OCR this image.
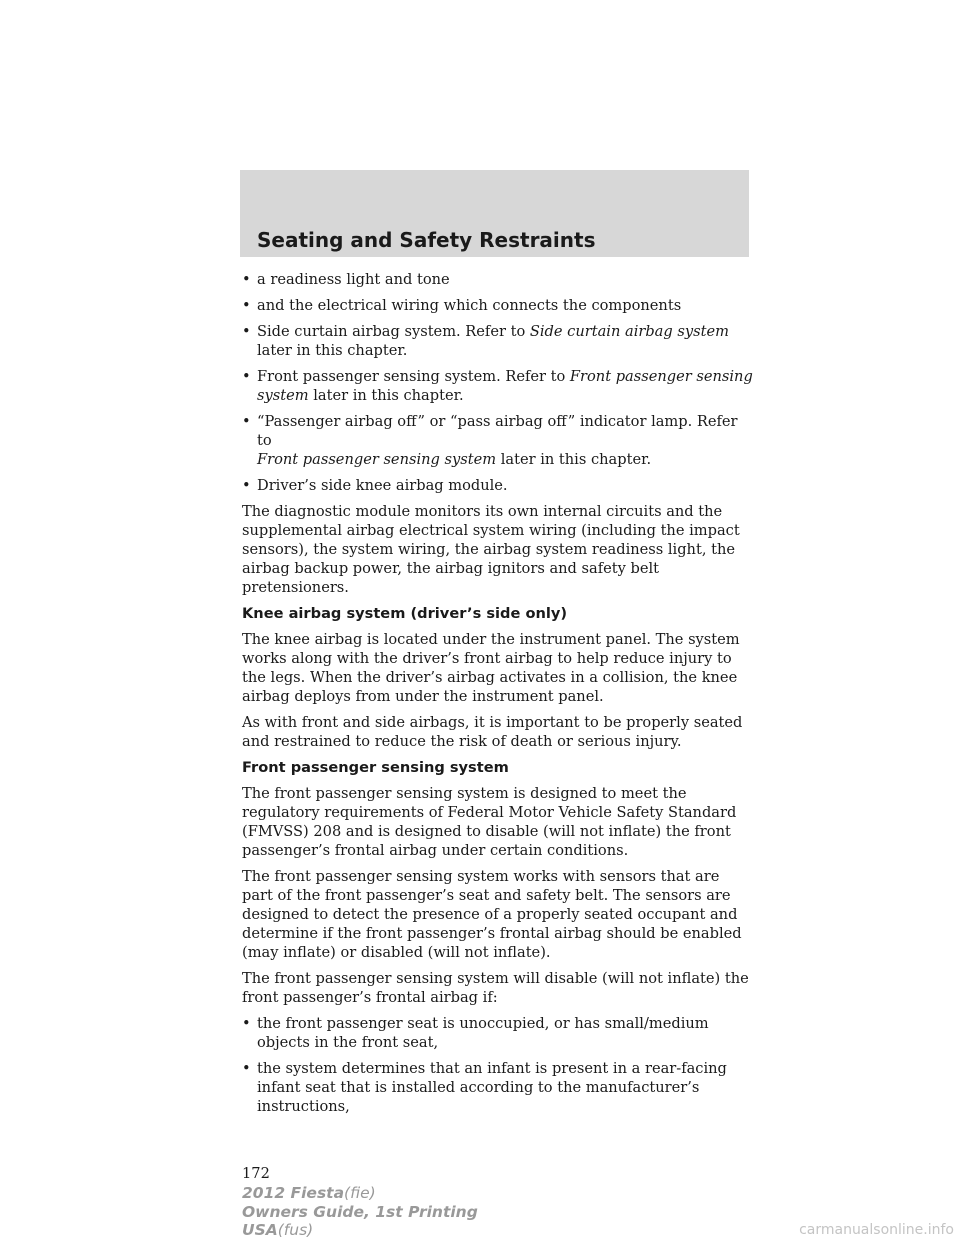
Seating and Safety Restraints
• a readiness light and tone
• and the electrical wiring which connects the components
• Side curtain airbag system. Refer to Side curtain airbag system later in this chapter.
• Front passenger sensing system. Refer to Front passenger sensing system later in this chapter.
• “Passenger airbag off” or “pass airbag off” indicator lamp. Refer to
Front passenger sensing system later in this chapter.
• Driver’s side knee airbag module.

The diagnostic module monitors its own internal circuits and the supplemental airbag electrical system wiring (including the impact sensors), the system wiring, the airbag system readiness light, the airbag backup power, the airbag ignitors and safety belt pretensioners.

Knee airbag system (driver’s side only)

The knee airbag is located under the instrument panel. The system works along with the driver’s front airbag to help reduce injury to the legs. When the driver’s airbag activates in a collision, the knee airbag deploys from under the instrument panel.

As with front and side airbags, it is important to be properly seated and restrained to reduce the risk of death or serious injury.

Front passenger sensing system

The front passenger sensing system is designed to meet the regulatory requirements of Federal Motor Vehicle Safety Standard (FMVSS) 208 and is designed to disable (will not inflate) the front passenger’s frontal airbag under certain conditions.

The front passenger sensing system works with sensors that are part of the front passenger’s seat and safety belt. The sensors are designed to detect the presence of a properly seated occupant and determine if the front passenger’s frontal airbag should be enabled (may inflate) or disabled (will not inflate).

The front passenger sensing system will disable (will not inflate) the front passenger’s frontal airbag if:

• the front passenger seat is unoccupied, or has small/medium objects in the front seat,
• the system determines that an infant is present in a rear-facing infant seat that is installed according to the manufacturer’s instructions,
172
2012 Fiesta(fie)
Owners Guide, 1st Printing
USA(fus)	carmanualsonline.info
